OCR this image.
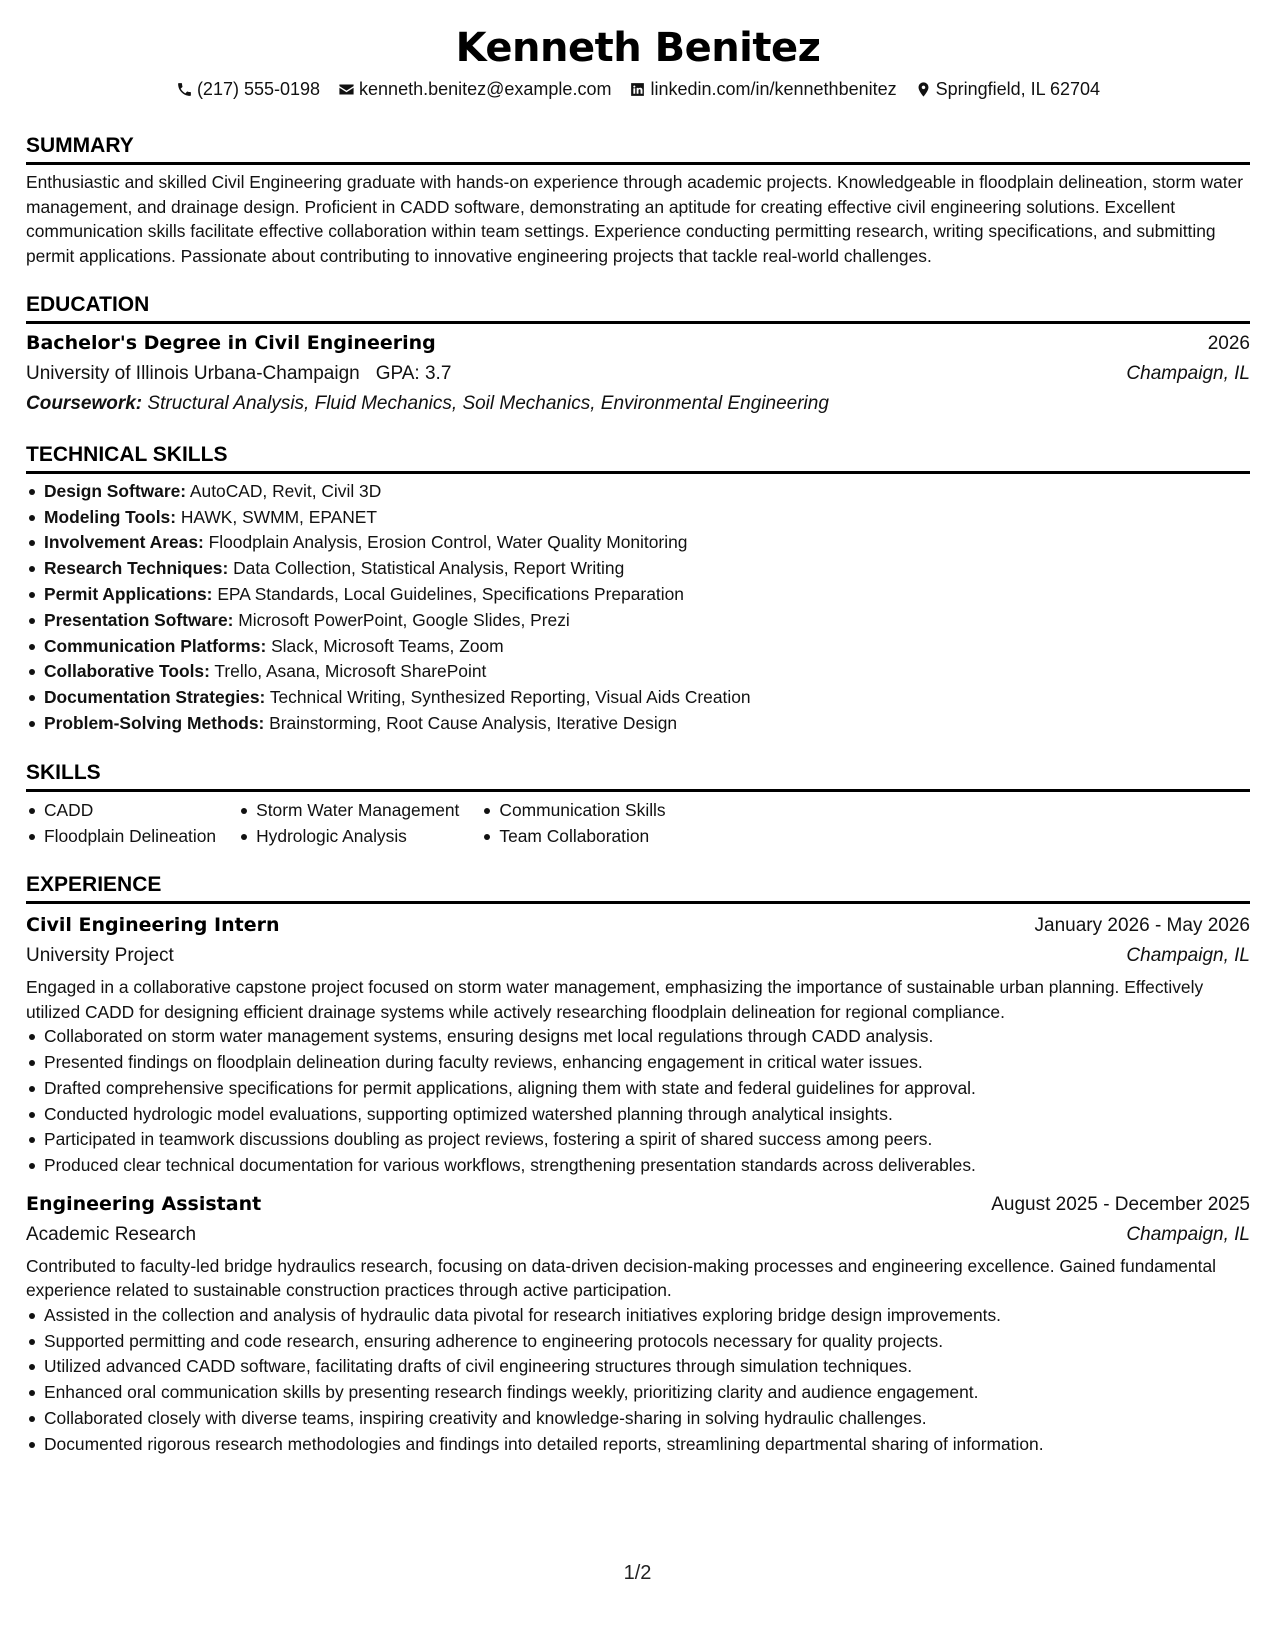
Kenneth Benitez
(217) 555-0198 kenneth.benitez@example.com linkedin.com/in/kennethbenitez Springfield, IL 62704
SUMMARY
Enthusiastic and skilled Civil Engineering graduate with hands-on experience through academic projects. Knowledgeable in floodplain delineation, storm water management, and drainage design. Proficient in CADD software, demonstrating an aptitude for creating effective civil engineering solutions. Excellent communication skills facilitate effective collaboration within team settings. Experience conducting permitting research, writing specifications, and submitting permit applications. Passionate about contributing to innovative engineering projects that tackle real-world challenges.
EDUCATION
Bachelor's Degree in Civil Engineering	2026
University of Illinois Urbana-Champaign GPA: 3.7	Champaign, IL
Coursework: Structural Analysis, Fluid Mechanics, Soil Mechanics, Environmental Engineering
TECHNICAL SKILLS
Design Software: AutoCAD, Revit, Civil 3D
Modeling Tools: HAWK, SWMM, EPANET
Involvement Areas: Floodplain Analysis, Erosion Control, Water Quality Monitoring
Research Techniques: Data Collection, Statistical Analysis, Report Writing
Permit Applications: EPA Standards, Local Guidelines, Specifications Preparation
Presentation Software: Microsoft PowerPoint, Google Slides, Prezi
Communication Platforms: Slack, Microsoft Teams, Zoom
Collaborative Tools: Trello, Asana, Microsoft SharePoint
Documentation Strategies: Technical Writing, Synthesized Reporting, Visual Aids Creation
Problem-Solving Methods: Brainstorming, Root Cause Analysis, Iterative Design
SKILLS
CADD
Floodplain Delineation
Storm Water Management
Hydrologic Analysis
Communication Skills
Team Collaboration
EXPERIENCE
Civil Engineering Intern	January 2026 - May 2026
University Project	Champaign, IL
Engaged in a collaborative capstone project focused on storm water management, emphasizing the importance of sustainable urban planning. Effectively utilized CADD for designing efficient drainage systems while actively researching floodplain delineation for regional compliance.
Collaborated on storm water management systems, ensuring designs met local regulations through CADD analysis.
Presented findings on floodplain delineation during faculty reviews, enhancing engagement in critical water issues.
Drafted comprehensive specifications for permit applications, aligning them with state and federal guidelines for approval.
Conducted hydrologic model evaluations, supporting optimized watershed planning through analytical insights.
Participated in teamwork discussions doubling as project reviews, fostering a spirit of shared success among peers.
Produced clear technical documentation for various workflows, strengthening presentation standards across deliverables.
Engineering Assistant	August 2025 - December 2025
Academic Research	Champaign, IL
Contributed to faculty-led bridge hydraulics research, focusing on data-driven decision-making processes and engineering excellence. Gained fundamental experience related to sustainable construction practices through active participation.
Assisted in the collection and analysis of hydraulic data pivotal for research initiatives exploring bridge design improvements.
Supported permitting and code research, ensuring adherence to engineering protocols necessary for quality projects.
Utilized advanced CADD software, facilitating drafts of civil engineering structures through simulation techniques.
Enhanced oral communication skills by presenting research findings weekly, prioritizing clarity and audience engagement.
Collaborated closely with diverse teams, inspiring creativity and knowledge-sharing in solving hydraulic challenges.
Documented rigorous research methodologies and findings into detailed reports, streamlining departmental sharing of information.
1/2
